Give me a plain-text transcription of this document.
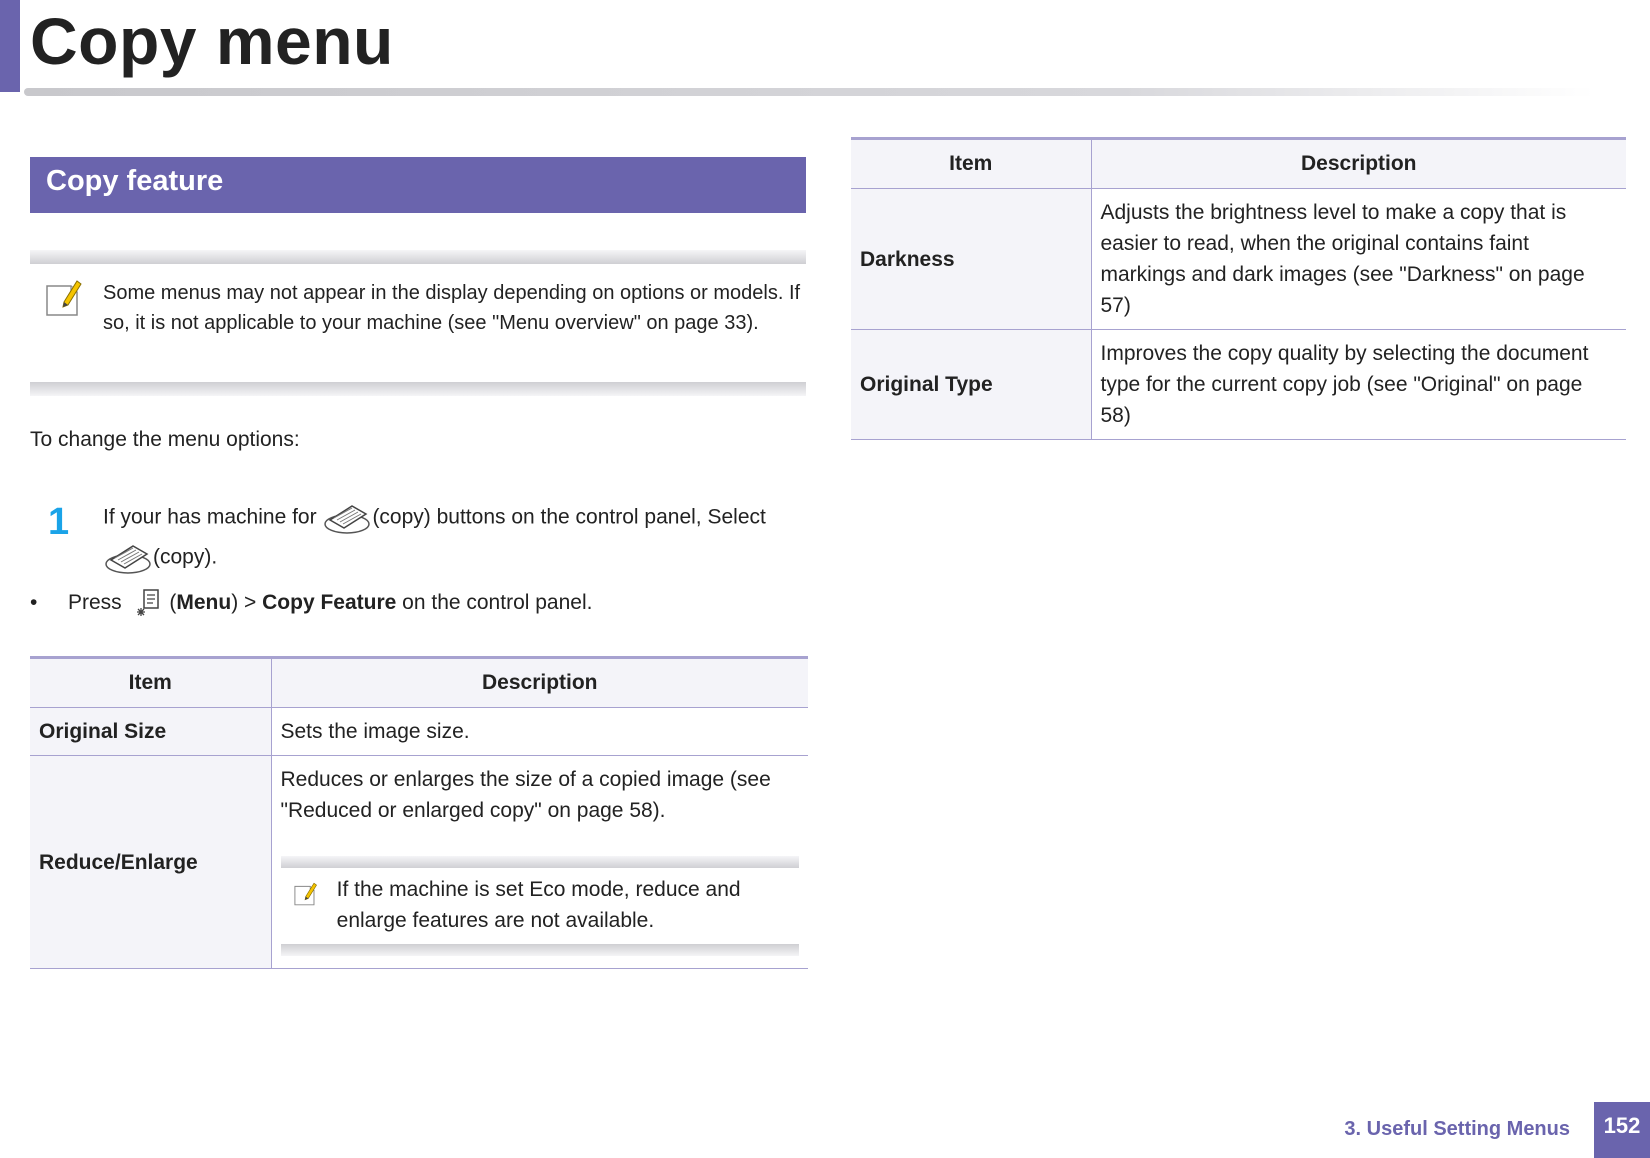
Copy menu
Copy feature
Some menus may not appear in the display depending on options or models. If so, it is not applicable to your machine (see "Menu overview" on page 33).
To change the menu options:
1 If your has machine for (copy) buttons on the control panel, Select (copy).
• Press  (Menu) > Copy Feature on the control panel.
Item	Description
Original Size	Sets the image size.
Reduce/Enlarge	Reduces or enlarges the size of a copied image (see "Reduced or enlarged copy" on page 58).
If the machine is set Eco mode, reduce and enlarge features are not available.
Item	Description
Darkness	Adjusts the brightness level to make a copy that is easier to read, when the original contains faint markings and dark images (see "Darkness" on page 57)
Original Type	Improves the copy quality by selecting the document type for the current copy job (see "Original" on page 58)
3. Useful Setting Menus	152
